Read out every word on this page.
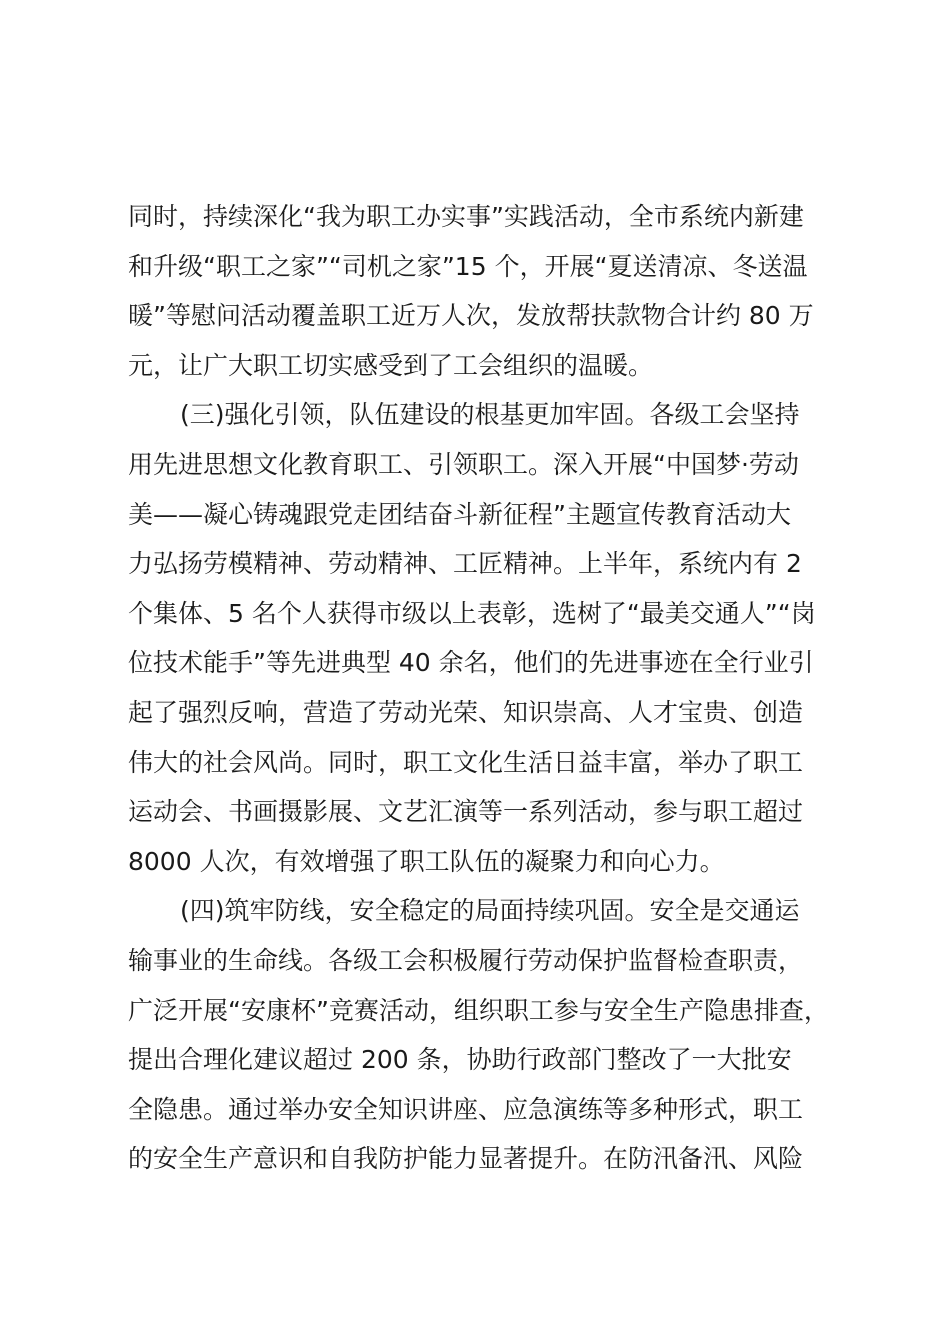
同时，持续深化“我为职工办实事”实践活动，全市系统内新建
和升级“职工之家”“司机之家”15 个，开展“夏送清凉、冬送温
暖”等慰问活动覆盖职工近万人次，发放帮扶款物合计约 80 万
元，让广大职工切实感受到了工会组织的温暖。
(三)强化引领，队伍建设的根基更加牢固。各级工会坚持
用先进思想文化教育职工、引领职工。深入开展“中国梦·劳动
美——凝心铸魂跟党走团结奋斗新征程”主题宣传教育活动大
力弘扬劳模精神、劳动精神、工匠精神。上半年，系统内有 2
个集体、5 名个人获得市级以上表彰，选树了“最美交通人”“岗
位技术能手”等先进典型 40 余名，他们的先进事迹在全行业引
起了强烈反响，营造了劳动光荣、知识崇高、人才宝贵、创造
伟大的社会风尚。同时，职工文化生活日益丰富，举办了职工
运动会、书画摄影展、文艺汇演等一系列活动，参与职工超过
8000 人次，有效增强了职工队伍的凝聚力和向心力。
(四)筑牢防线，安全稳定的局面持续巩固。安全是交通运
输事业的生命线。各级工会积极履行劳动保护监督检查职责，
广泛开展“安康杯”竞赛活动，组织职工参与安全生产隐患排查，
提出合理化建议超过 200 条，协助行政部门整改了一大批安
全隐患。通过举办安全知识讲座、应急演练等多种形式，职工
的安全生产意识和自我防护能力显著提升。在防汛备汛、风险
